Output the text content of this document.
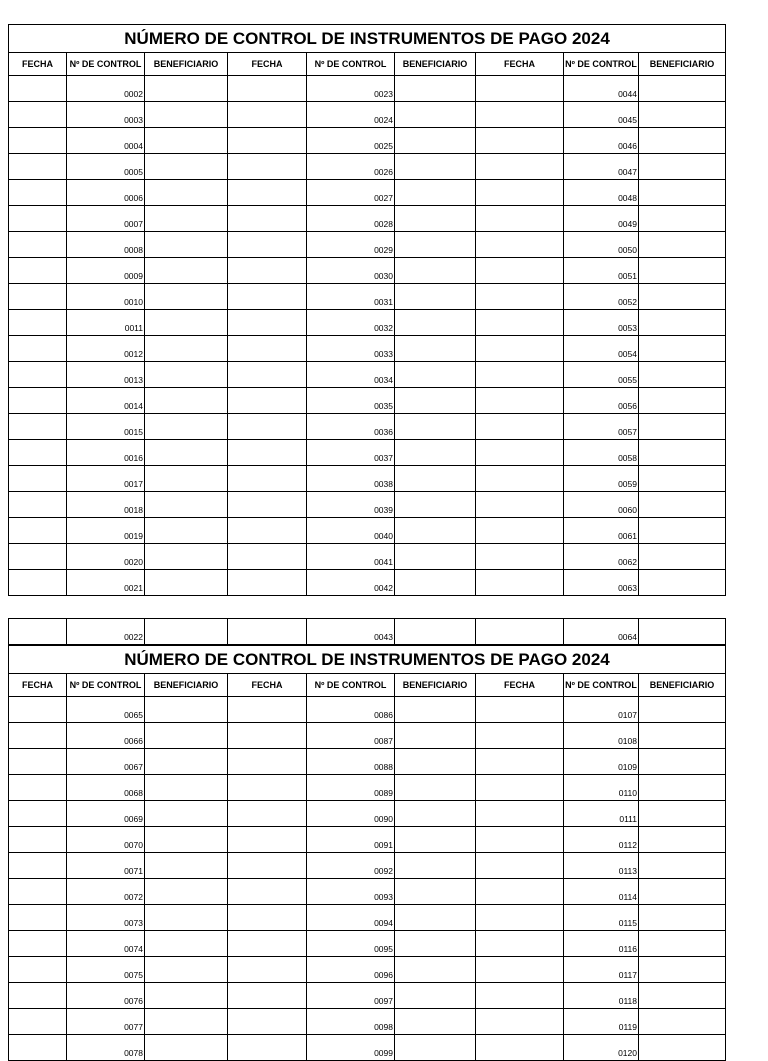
NÚMERO DE CONTROL DE INSTRUMENTOS DE PAGO 2024								
FECHA	Nº DE CONTROL	BENEFICIARIO	FECHA	Nº DE CONTROL	BENEFICIARIO	FECHA	Nº DE CONTROL	BENEFICIARIO
	0002			0023			0044	
	0003			0024			0045	
	0004			0025			0046	
	0005			0026			0047	
	0006			0027			0048	
	0007			0028			0049	
	0008			0029			0050	
	0009			0030			0051	
	0010			0031			0052	
	0011			0032			0053	
	0012			0033			0054	
	0013			0034			0055	
	0014			0035			0056	
	0015			0036			0057	
	0016			0037			0058	
	0017			0038			0059	
	0018			0039			0060	
	0019			0040			0061	
	0020			0041			0062	
	0021			0042			0063	
	0022			0043			0064	
NÚMERO DE CONTROL DE INSTRUMENTOS DE PAGO 2024								
FECHA	Nº DE CONTROL	BENEFICIARIO	FECHA	Nº DE CONTROL	BENEFICIARIO	FECHA	Nº DE CONTROL	BENEFICIARIO
	0065			0086			0107	
	0066			0087			0108	
	0067			0088			0109	
	0068			0089			0110	
	0069			0090			0111	
	0070			0091			0112	
	0071			0092			0113	
	0072			0093			0114	
	0073			0094			0115	
	0074			0095			0116	
	0075			0096			0117	
	0076			0097			0118	
	0077			0098			0119	
	0078			0099			0120	
